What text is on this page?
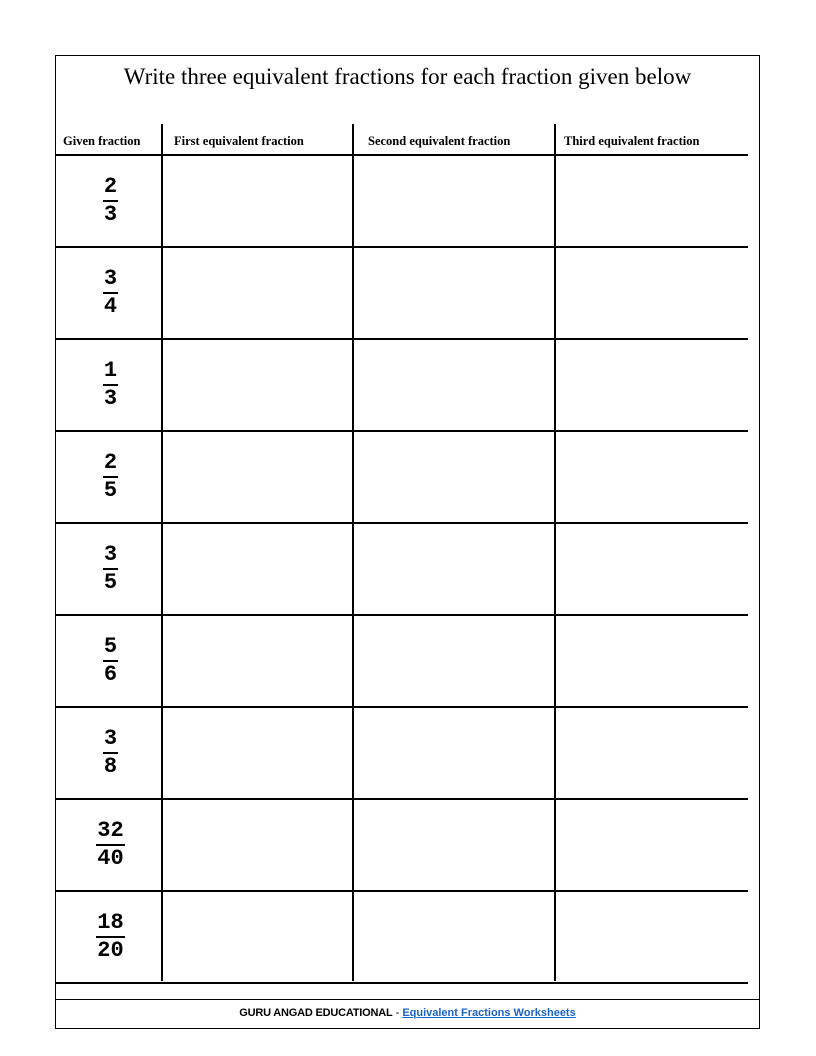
Write three equivalent fractions for each fraction given below
Given fraction	First equivalent fraction	Second equivalent fraction	Third equivalent fraction
$\frac{2}{3}$
$\frac{3}{4}$
$\frac{1}{3}$
$\frac{2}{5}$
$\frac{3}{5}$
$\frac{5}{6}$
$\frac{3}{8}$
$\frac{32}{40}$
$\frac{18}{20}$
GURU ANGAD EDUCATIONAL - Equivalent Fractions Worksheets
